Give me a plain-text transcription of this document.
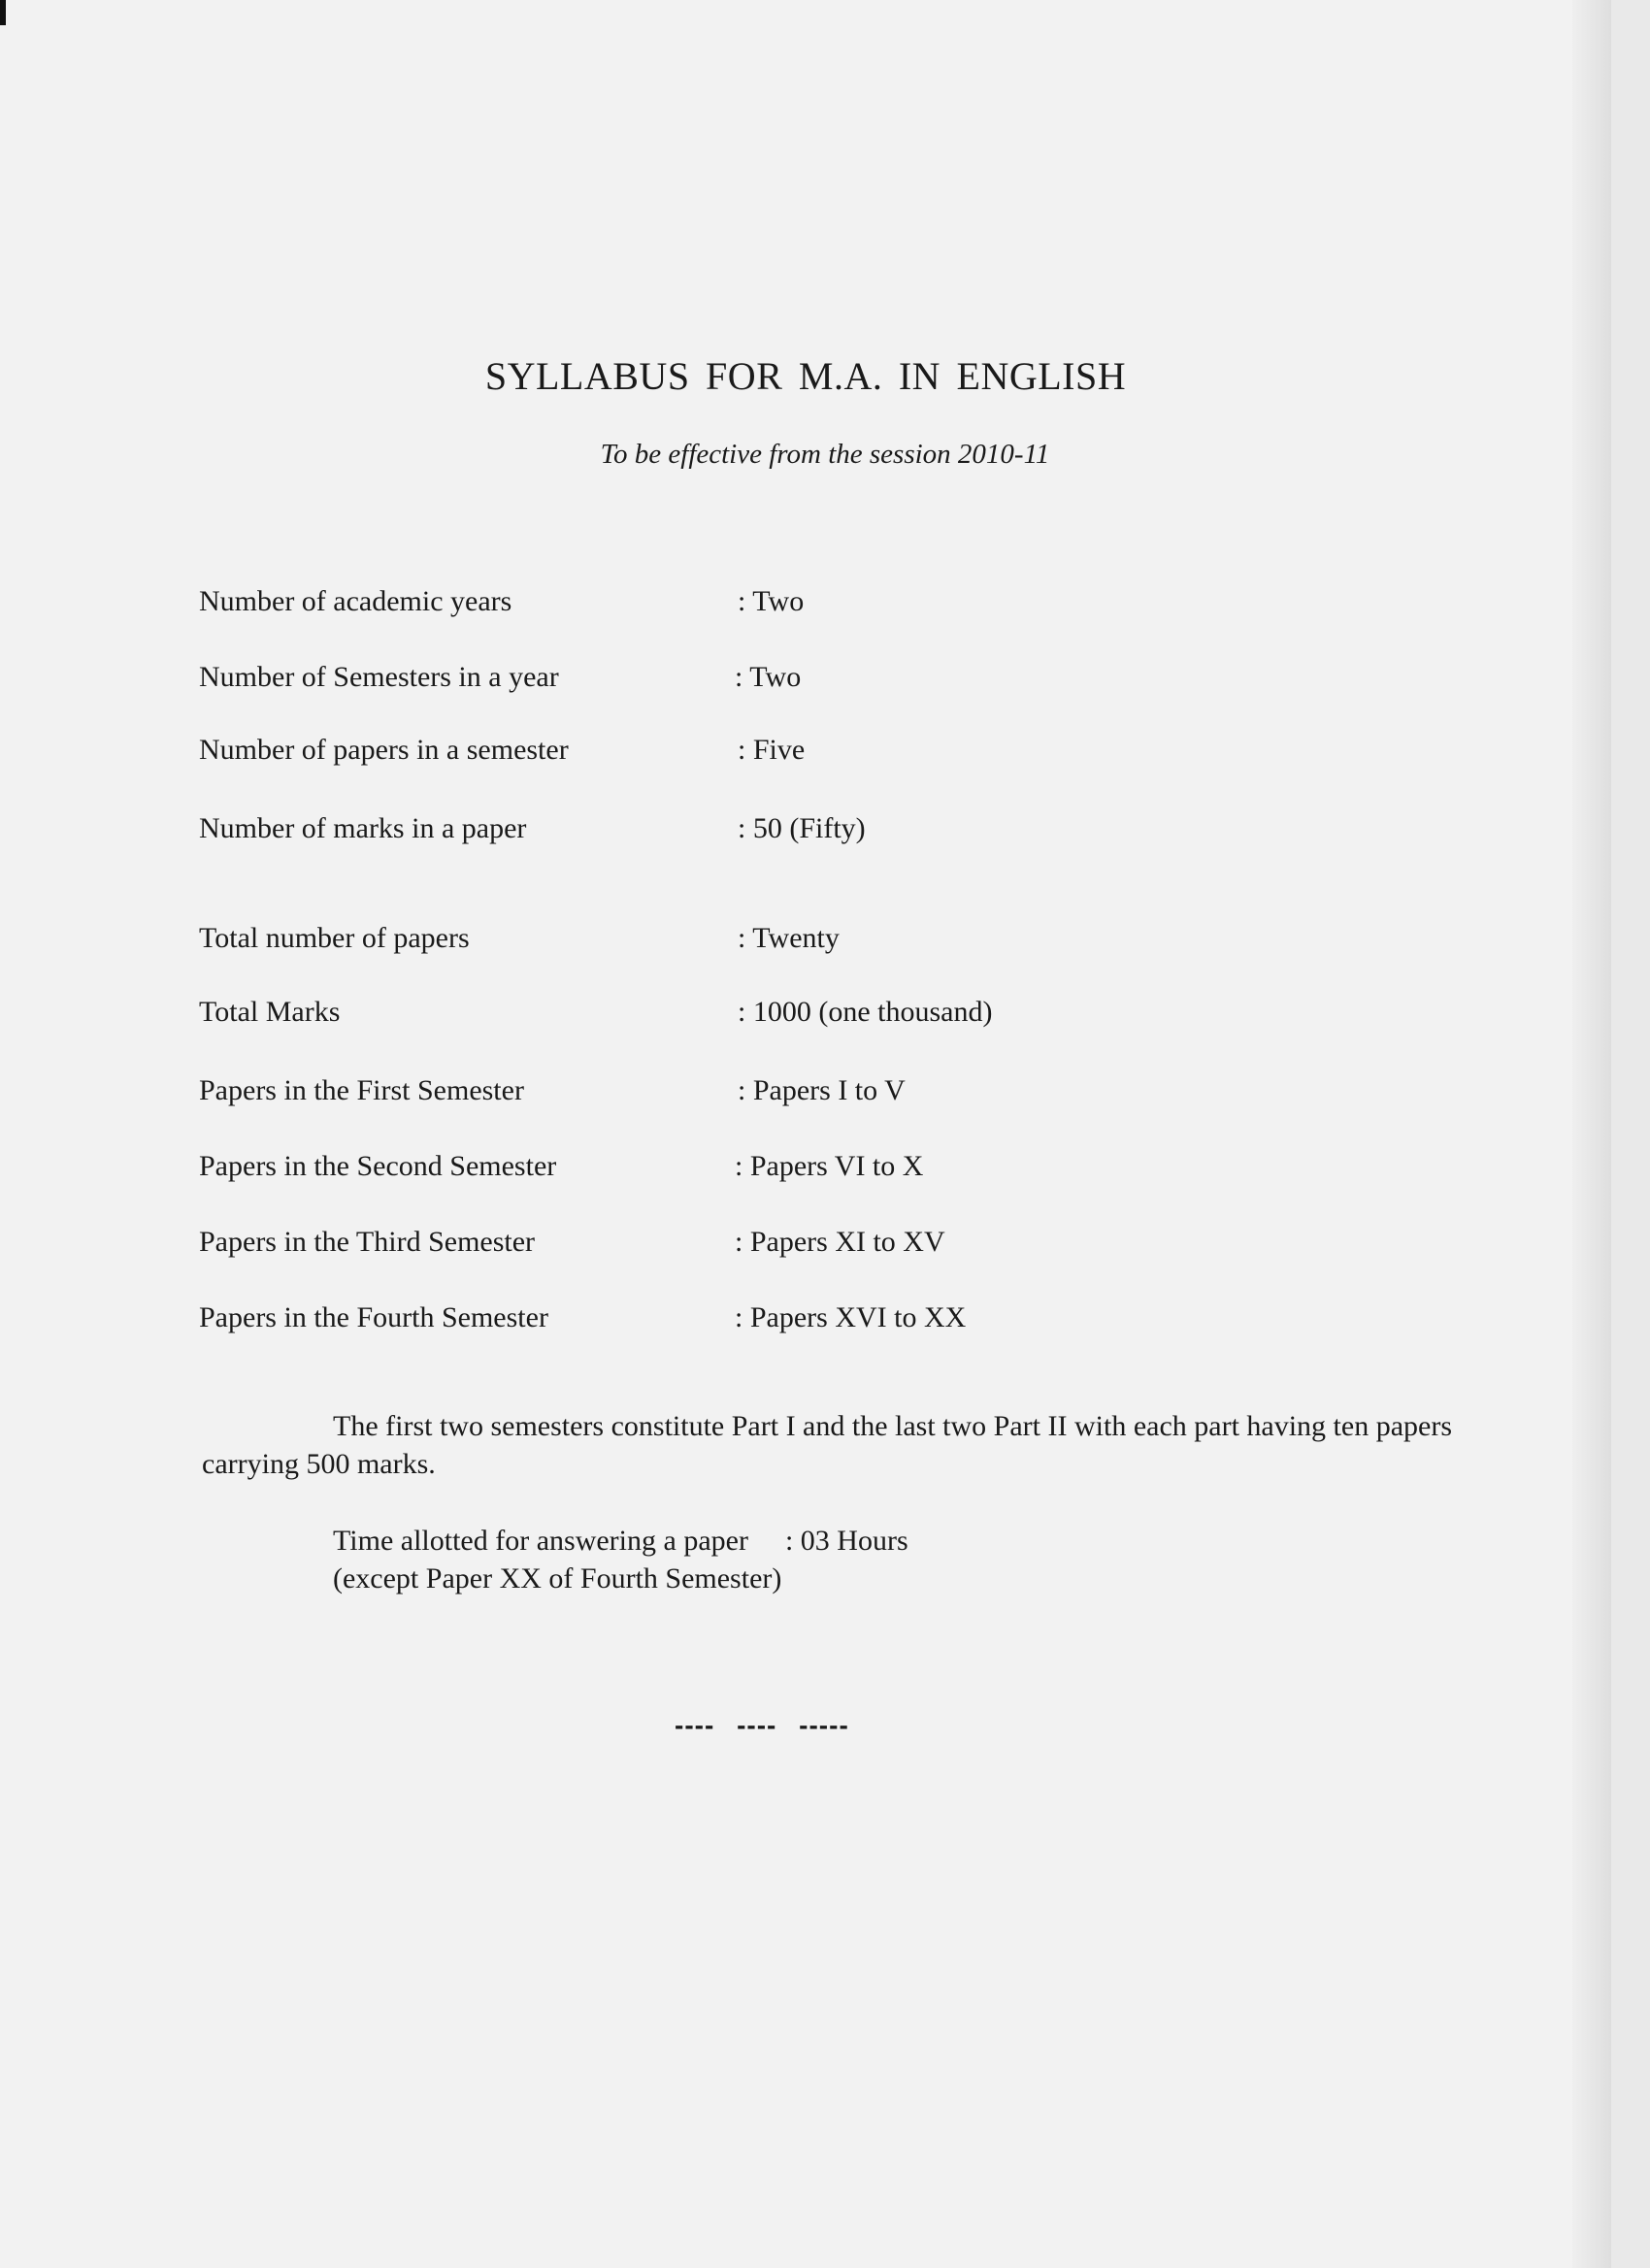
SYLLABUS FOR M.A. IN ENGLISH
To be effective from the session 2010-11
Number of academic years	: Two
Number of Semesters in a year	: Two
Number of papers in a semester	: Five
Number of marks in a paper	: 50 (Fifty)
Total number of papers	: Twenty
Total Marks	: 1000 (one thousand)
Papers in the First Semester	: Papers I to V
Papers in the Second Semester	: Papers VI to X
Papers in the Third Semester	: Papers XI to XV
Papers in the Fourth Semester	: Papers XVI to XX
The first two semesters constitute Part I and the last two Part II with each part having ten papers carrying 500 marks.
Time allotted for answering a paper : 03 Hours
(except Paper XX of Fourth Semester)
---- ---- -----
